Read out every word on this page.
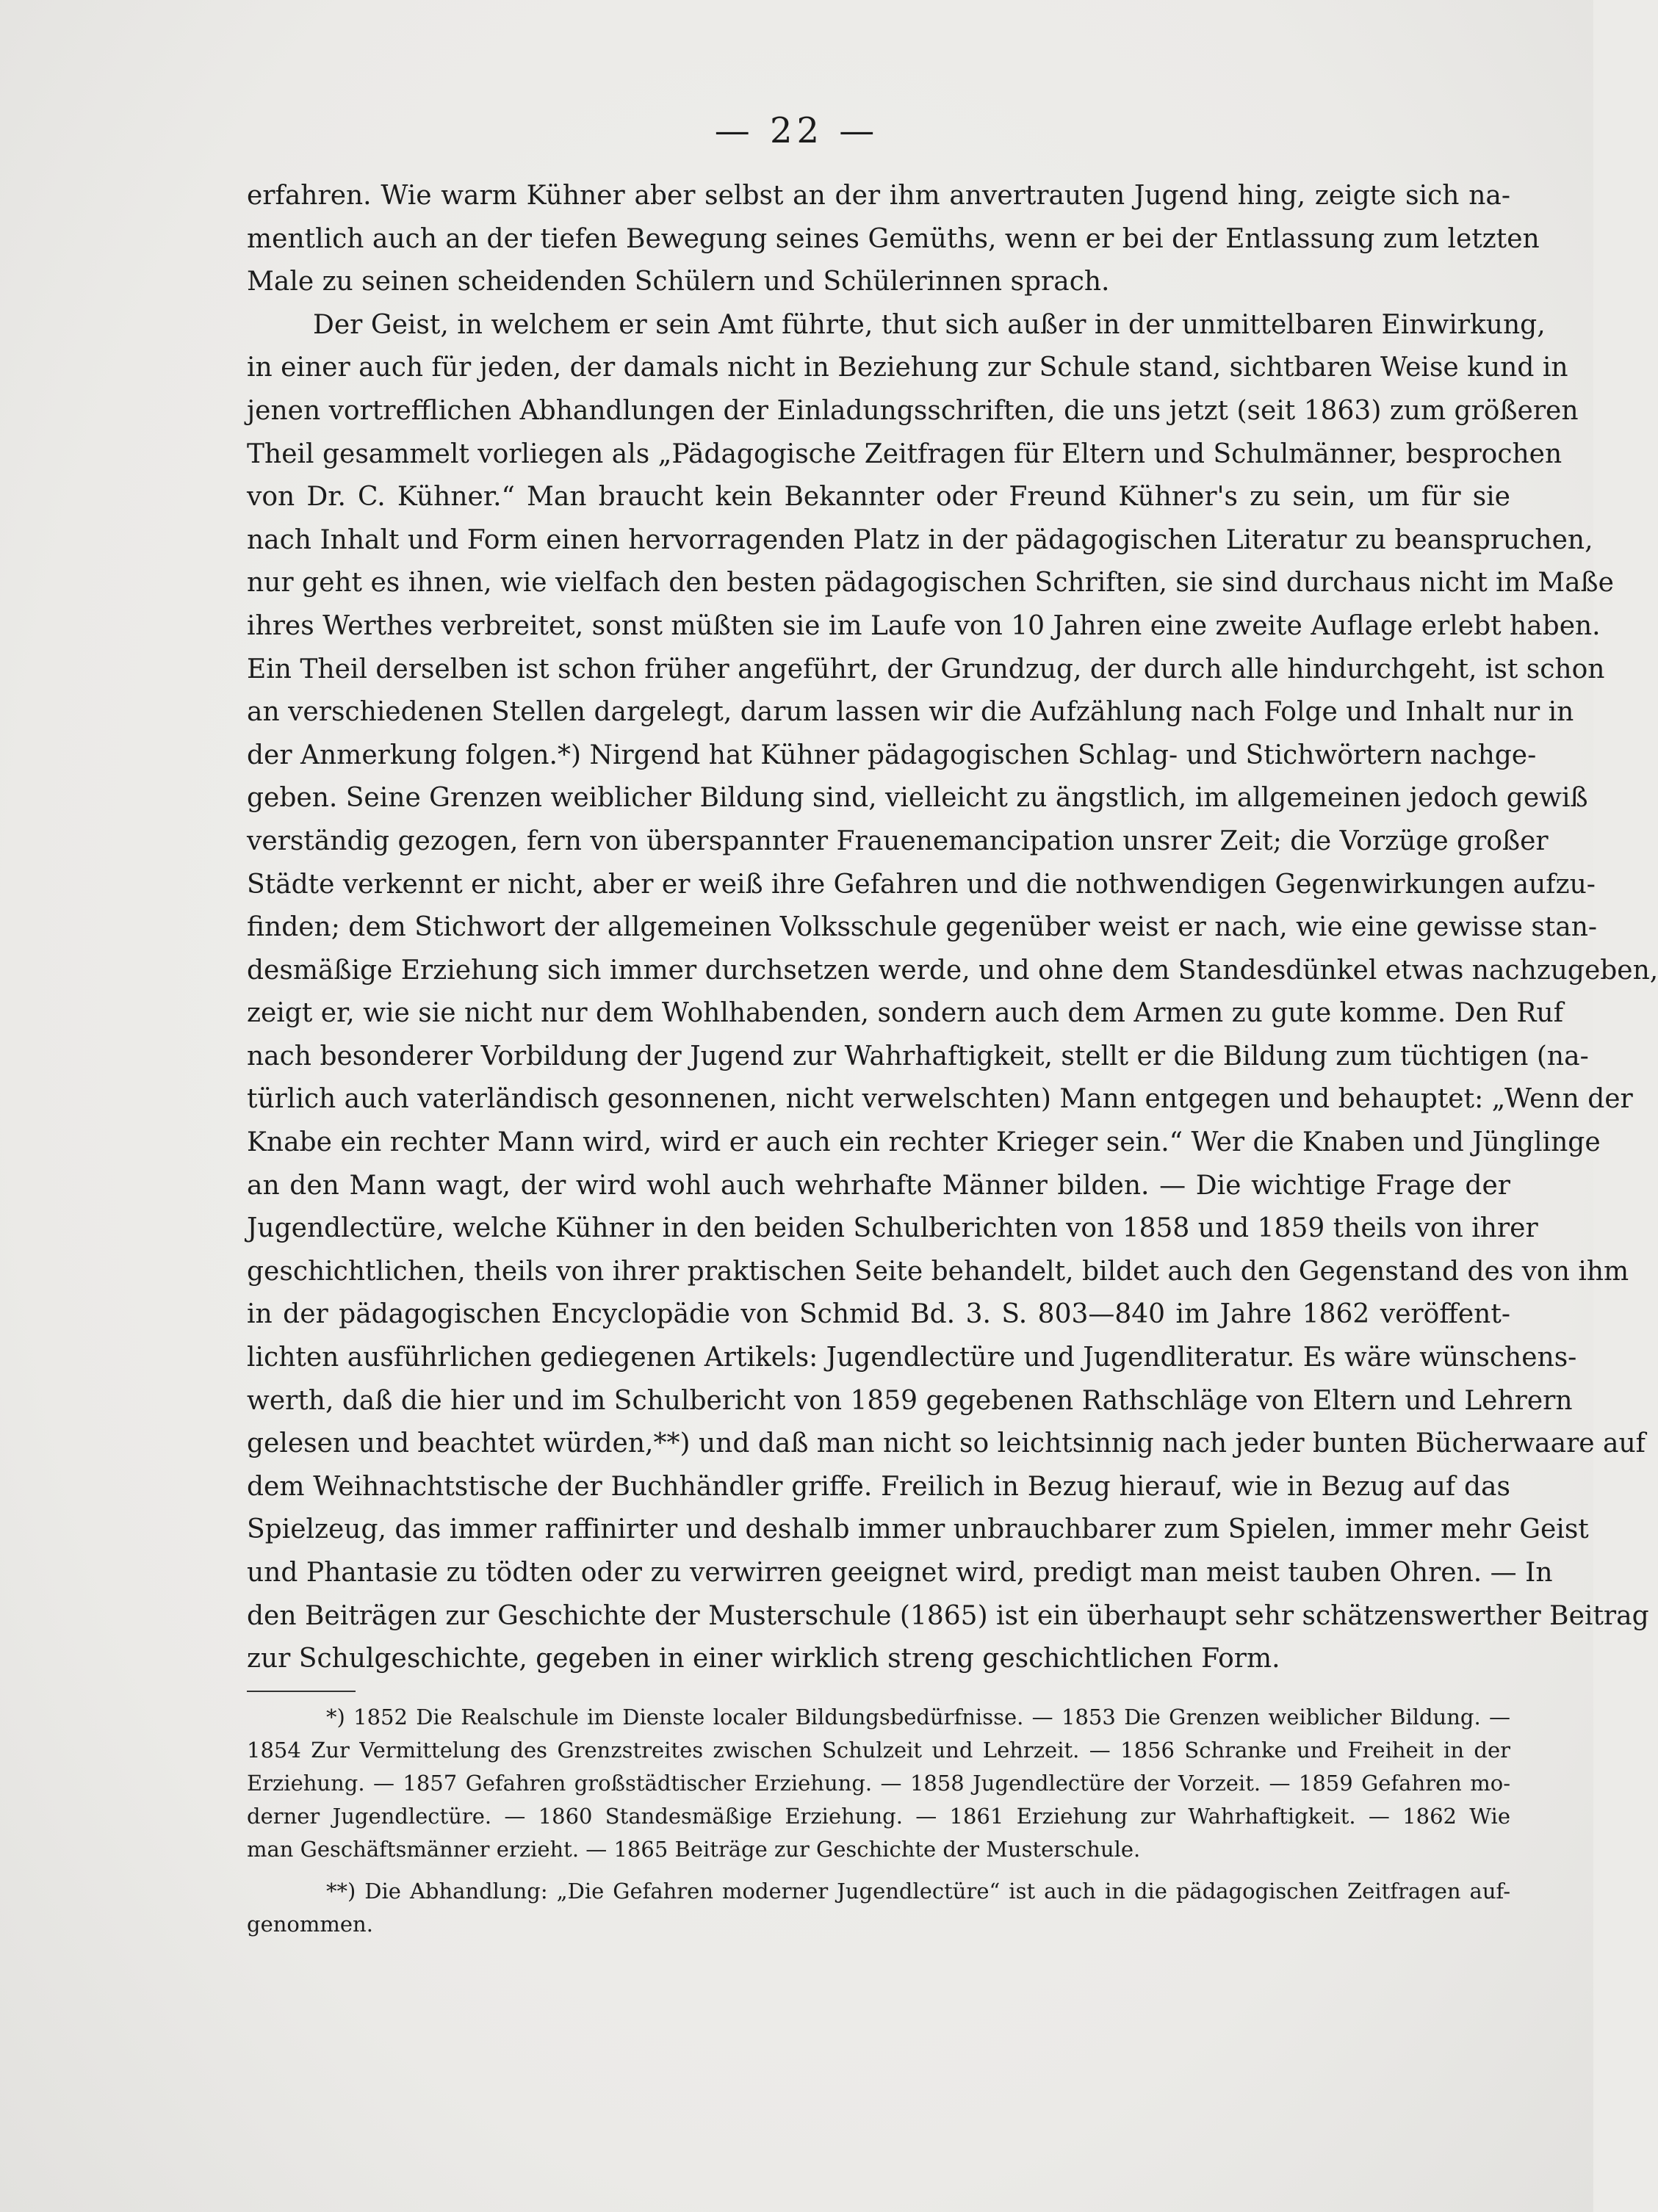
— 22 —
erfahren. Wie warm Kühner aber selbst an der ihm anvertrauten Jugend hing, zeigte sich na-
mentlich auch an der tiefen Bewegung seines Gemüths, wenn er bei der Entlassung zum letzten
Male zu seinen scheidenden Schülern und Schülerinnen sprach.
Der Geist, in welchem er sein Amt führte, thut sich außer in der unmittelbaren Einwirkung,
in einer auch für jeden, der damals nicht in Beziehung zur Schule stand, sichtbaren Weise kund in
jenen vortrefflichen Abhandlungen der Einladungsschriften, die uns jetzt (seit 1863) zum größeren
Theil gesammelt vorliegen als „Pädagogische Zeitfragen für Eltern und Schulmänner, besprochen
von Dr. C. Kühner.“ Man braucht kein Bekannter oder Freund Kühner's zu sein, um für sie
nach Inhalt und Form einen hervorragenden Platz in der pädagogischen Literatur zu beanspruchen,
nur geht es ihnen, wie vielfach den besten pädagogischen Schriften, sie sind durchaus nicht im Maße
ihres Werthes verbreitet, sonst müßten sie im Laufe von 10 Jahren eine zweite Auflage erlebt haben.
Ein Theil derselben ist schon früher angeführt, der Grundzug, der durch alle hindurchgeht, ist schon
an verschiedenen Stellen dargelegt, darum lassen wir die Aufzählung nach Folge und Inhalt nur in
der Anmerkung folgen.*) Nirgend hat Kühner pädagogischen Schlag- und Stichwörtern nachge-
geben. Seine Grenzen weiblicher Bildung sind, vielleicht zu ängstlich, im allgemeinen jedoch gewiß
verständig gezogen, fern von überspannter Frauenemancipation unsrer Zeit; die Vorzüge großer
Städte verkennt er nicht, aber er weiß ihre Gefahren und die nothwendigen Gegenwirkungen aufzu-
finden; dem Stichwort der allgemeinen Volksschule gegenüber weist er nach, wie eine gewisse stan-
desmäßige Erziehung sich immer durchsetzen werde, und ohne dem Standesdünkel etwas nachzugeben,
zeigt er, wie sie nicht nur dem Wohlhabenden, sondern auch dem Armen zu gute komme. Den Ruf
nach besonderer Vorbildung der Jugend zur Wahrhaftigkeit, stellt er die Bildung zum tüchtigen (na-
türlich auch vaterländisch gesonnenen, nicht verwelschten) Mann entgegen und behauptet: „Wenn der
Knabe ein rechter Mann wird, wird er auch ein rechter Krieger sein.“ Wer die Knaben und Jünglinge
an den Mann wagt, der wird wohl auch wehrhafte Männer bilden. — Die wichtige Frage der
Jugendlectüre, welche Kühner in den beiden Schulberichten von 1858 und 1859 theils von ihrer
geschichtlichen, theils von ihrer praktischen Seite behandelt, bildet auch den Gegenstand des von ihm
in der pädagogischen Encyclopädie von Schmid Bd. 3. S. 803—840 im Jahre 1862 veröffent-
lichten ausführlichen gediegenen Artikels: Jugendlectüre und Jugendliteratur. Es wäre wünschens-
werth, daß die hier und im Schulbericht von 1859 gegebenen Rathschläge von Eltern und Lehrern
gelesen und beachtet würden,**) und daß man nicht so leichtsinnig nach jeder bunten Bücherwaare auf
dem Weihnachtstische der Buchhändler griffe. Freilich in Bezug hierauf, wie in Bezug auf das
Spielzeug, das immer raffinirter und deshalb immer unbrauchbarer zum Spielen, immer mehr Geist
und Phantasie zu tödten oder zu verwirren geeignet wird, predigt man meist tauben Ohren. — In
den Beiträgen zur Geschichte der Musterschule (1865) ist ein überhaupt sehr schätzenswerther Beitrag
zur Schulgeschichte, gegeben in einer wirklich streng geschichtlichen Form.
*) 1852 Die Realschule im Dienste localer Bildungsbedürfnisse. — 1853 Die Grenzen weiblicher Bildung. —
1854 Zur Vermittelung des Grenzstreites zwischen Schulzeit und Lehrzeit. — 1856 Schranke und Freiheit in der
Erziehung. — 1857 Gefahren großstädtischer Erziehung. — 1858 Jugendlectüre der Vorzeit. — 1859 Gefahren mo-
derner Jugendlectüre. — 1860 Standesmäßige Erziehung. — 1861 Erziehung zur Wahrhaftigkeit. — 1862 Wie
man Geschäftsmänner erzieht. — 1865 Beiträge zur Geschichte der Musterschule.
**) Die Abhandlung: „Die Gefahren moderner Jugendlectüre“ ist auch in die pädagogischen Zeitfragen auf-
genommen.
